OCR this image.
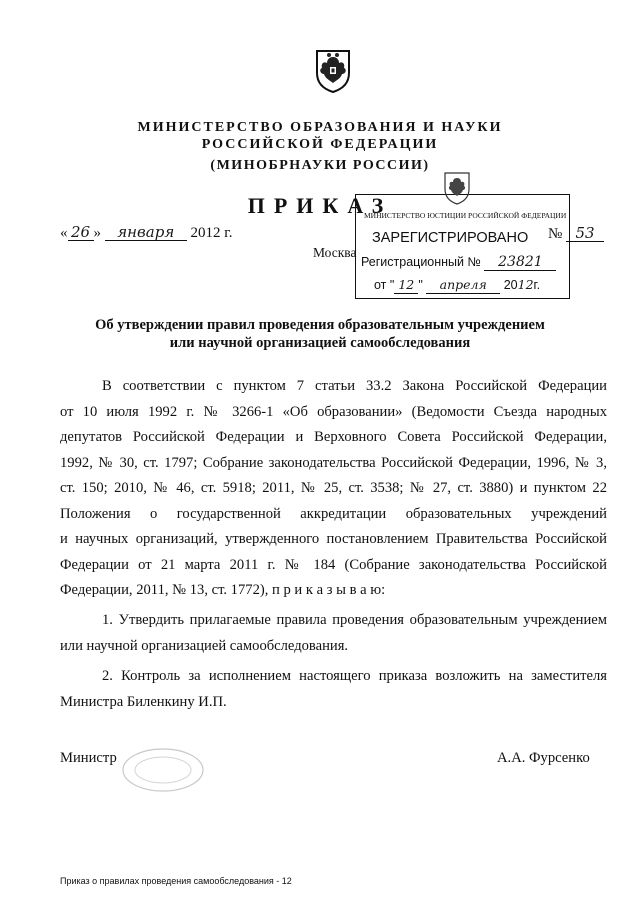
МИНИСТЕРСТВО ОБРАЗОВАНИЯ И НАУКИ
РОССИЙСКОЙ ФЕДЕРАЦИИ
(МИНОБРНАУКИ РОССИИ)
ПРИКАЗ
« 26 » января 2012 г.
Москва
№ 53
МИНИСТЕРСТВО ЮСТИЦИИ РОССИЙСКОЙ ФЕДЕРАЦИИ
ЗАРЕГИСТРИРОВАНО
Регистрационный № 23821
от " 12 " апреля 2012г.
Об утверждении правил проведения образовательным учреждением
или научной организацией самообследования
В соответствии с пунктом 7 статьи 33.2 Закона Российской Федерации
от 10 июля 1992 г. № 3266-1 «Об образовании» (Ведомости Съезда народных
депутатов Российской Федерации и Верховного Совета Российской Федерации,
1992, № 30, ст. 1797; Собрание законодательства Российской Федерации, 1996, № 3,
ст. 150; 2010, № 46, ст. 5918; 2011, № 25, ст. 3538; № 27, ст. 3880) и пунктом 22
Положения о государственной аккредитации образовательных учреждений
и научных организаций, утвержденного постановлением Правительства Российской
Федерации от 21 марта 2011 г. № 184 (Собрание законодательства Российской
Федерации, 2011, № 13, ст. 1772), п р и к а з ы в а ю:
1. Утвердить прилагаемые правила проведения образовательным учреждением
или научной организацией самообследования.
2. Контроль за исполнением настоящего приказа возложить на заместителя
Министра Биленкину И.П.
Министр	А.А. Фурсенко
Приказ о правилах проведения самообследования - 12
